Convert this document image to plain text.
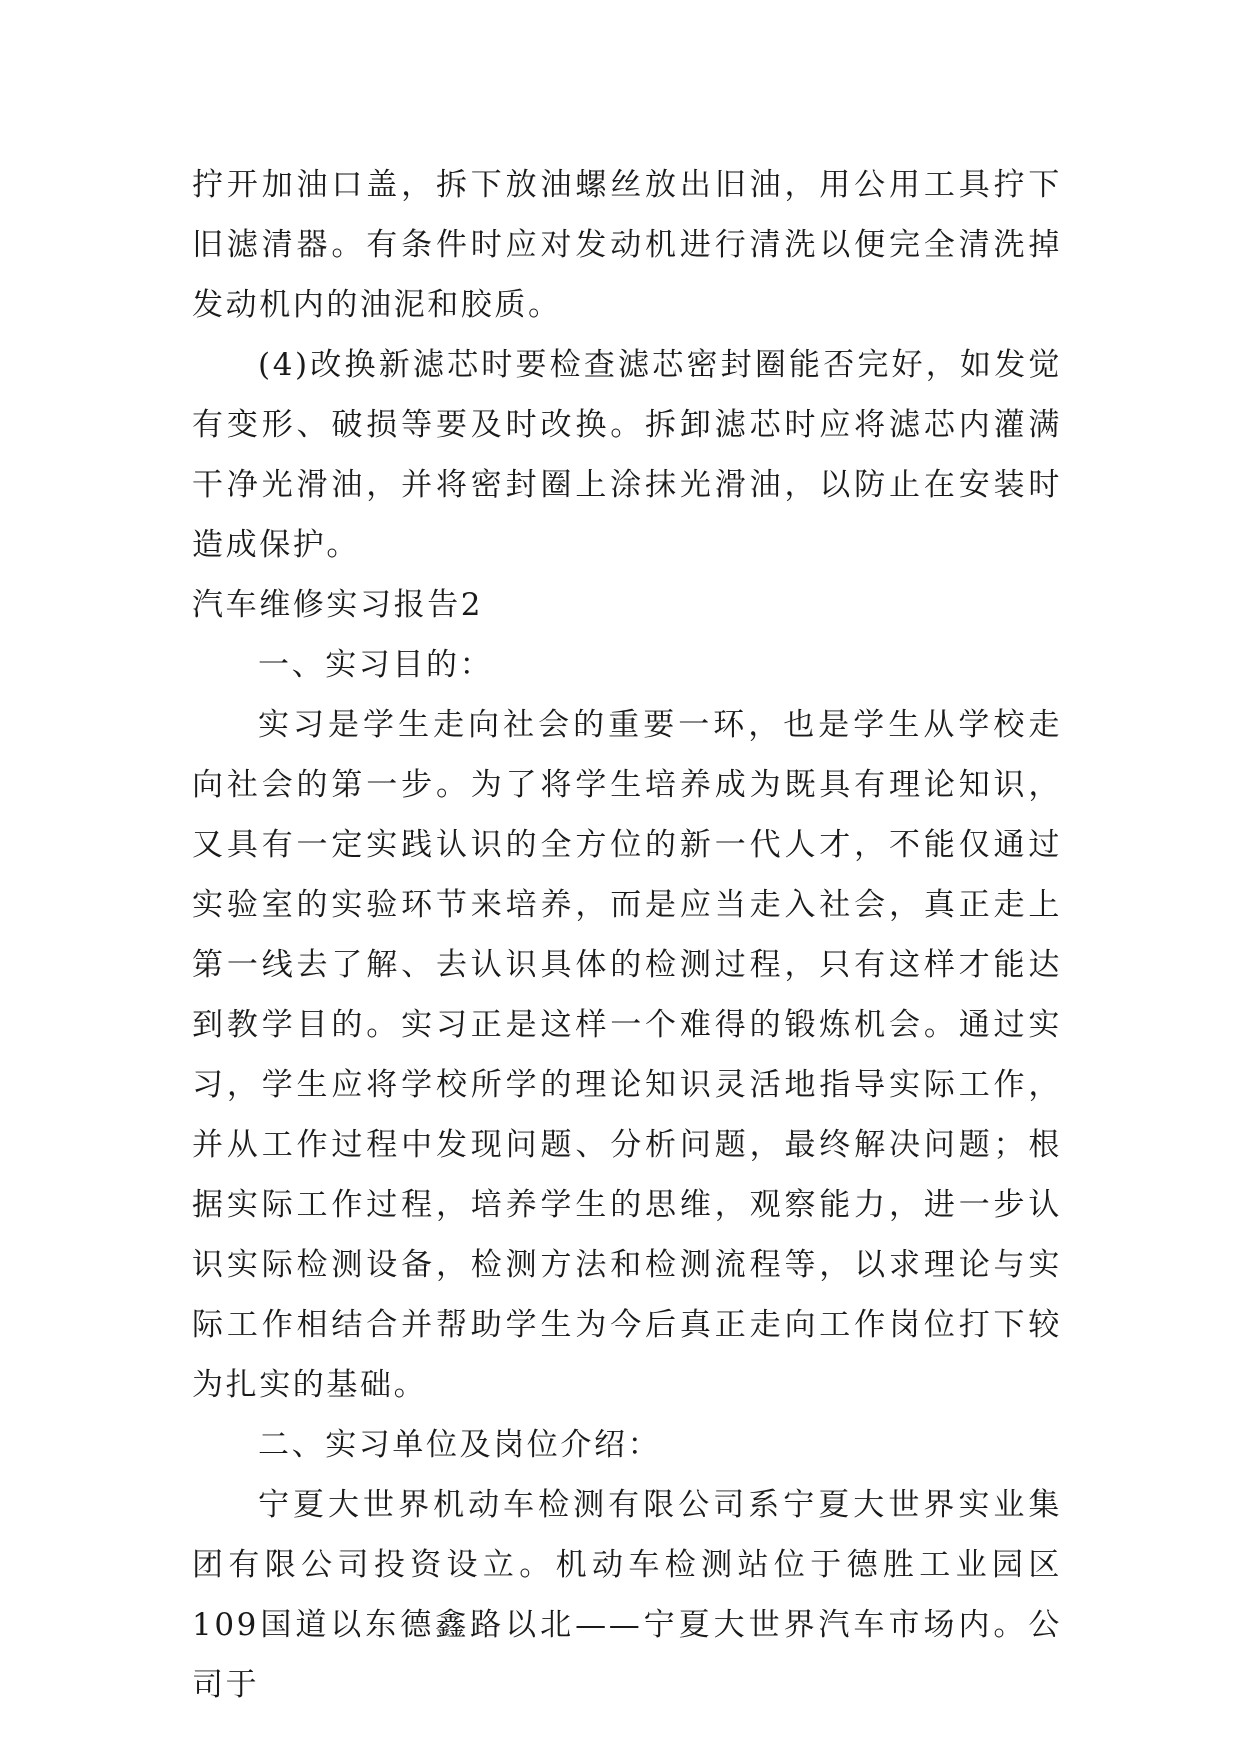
拧开加油口盖，拆下放油螺丝放出旧油，用公用工具拧下旧滤清器。有条件时应对发动机进行清洗以便完全清洗掉发动机内的油泥和胶质。

(4)改换新滤芯时要检查滤芯密封圈能否完好，如发觉有变形、破损等要及时改换。拆卸滤芯时应将滤芯内灌满干净光滑油，并将密封圈上涂抹光滑油，以防止在安装时造成保护。

汽车维修实习报告2

一、实习目的：

实习是学生走向社会的重要一环，也是学生从学校走向社会的第一步。为了将学生培养成为既具有理论知识，又具有一定实践认识的全方位的新一代人才，不能仅通过实验室的实验环节来培养，而是应当走入社会，真正走上第一线去了解、去认识具体的检测过程，只有这样才能达到教学目的。实习正是这样一个难得的锻炼机会。通过实习，学生应将学校所学的理论知识灵活地指导实际工作，并从工作过程中发现问题、分析问题，最终解决问题；根据实际工作过程，培养学生的思维，观察能力，进一步认识实际检测设备，检测方法和检测流程等，以求理论与实际工作相结合并帮助学生为今后真正走向工作岗位打下较为扎实的基础。

二、实习单位及岗位介绍：

宁夏大世界机动车检测有限公司系宁夏大世界实业集团有限公司投资设立。机动车检测站位于德胜工业园区109国道以东德鑫路以北——宁夏大世界汽车市场内。公司于
